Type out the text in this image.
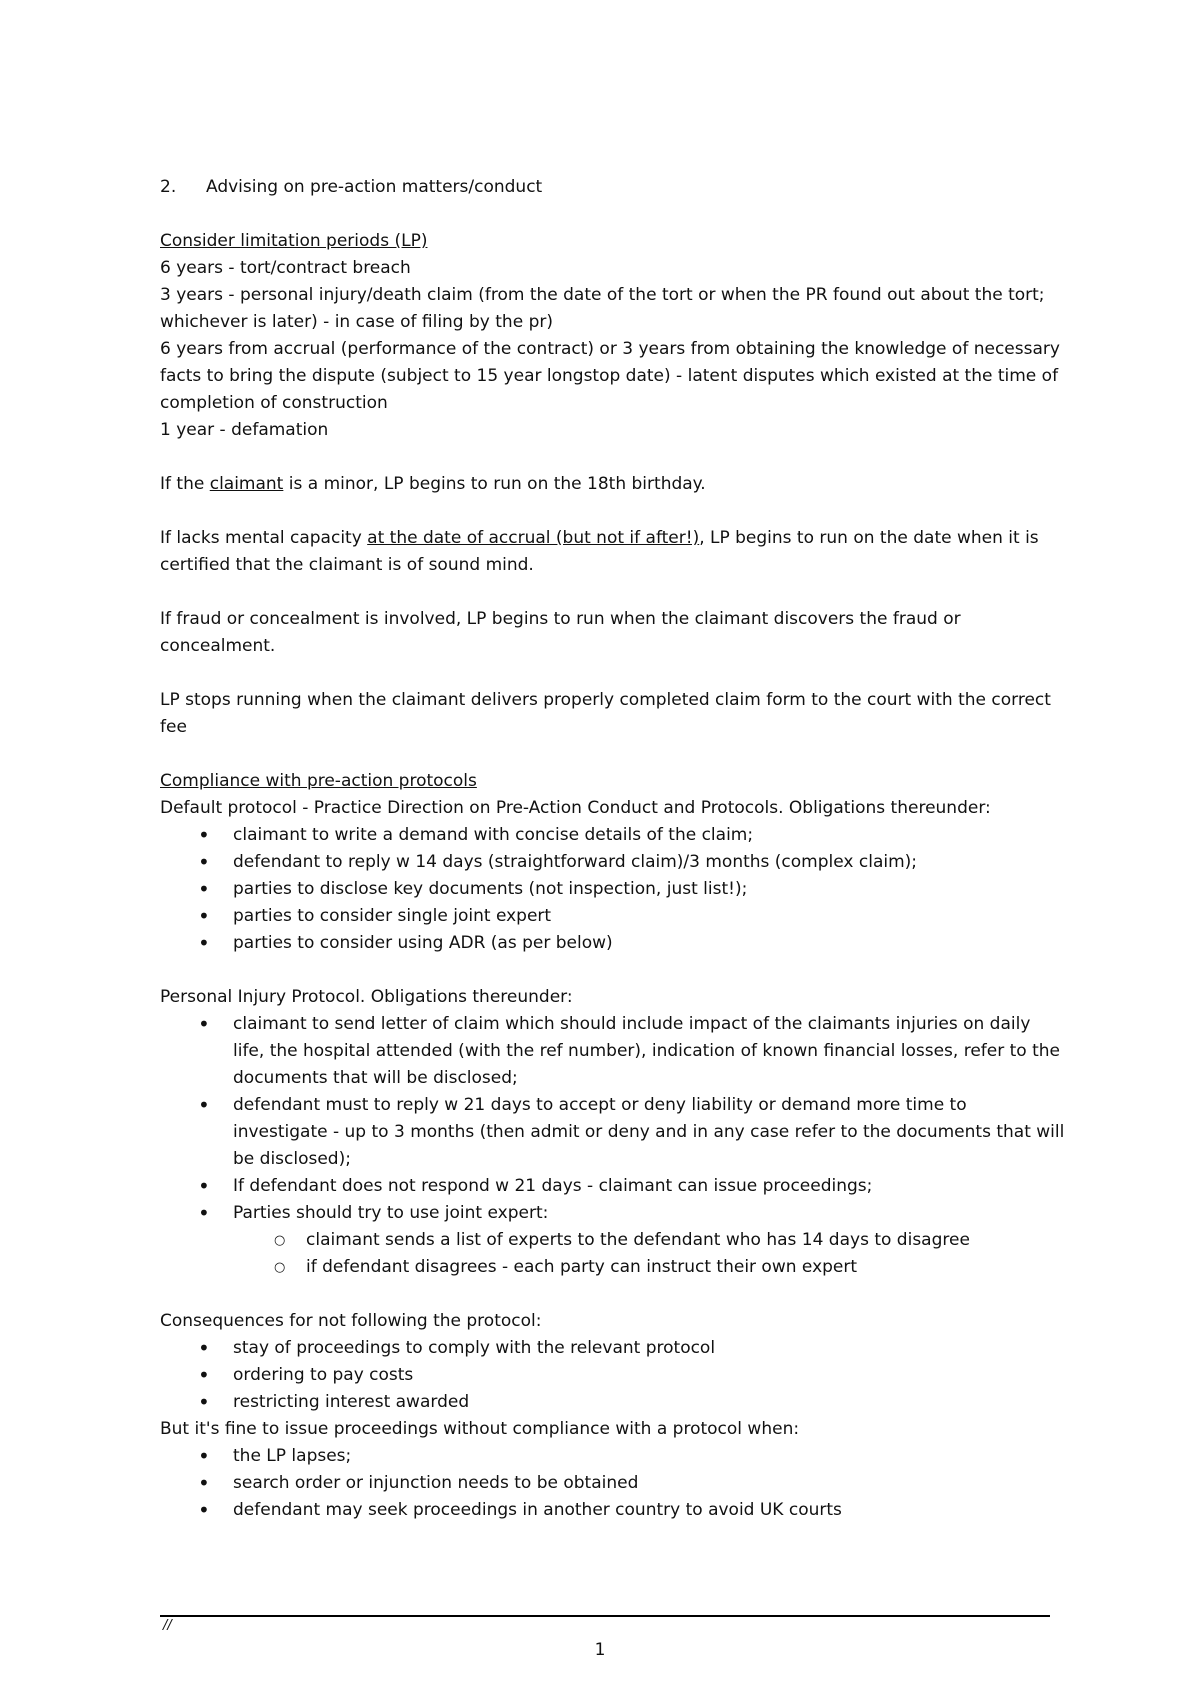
2. Advising on pre-action matters/conduct

Consider limitation periods (LP)

6 years - tort/contract breach

3 years - personal injury/death claim (from the date of the tort or when the PR found out about the tort; whichever is later) - in case of filing by the pr)

6 years from accrual (performance of the contract) or 3 years from obtaining the knowledge of necessary facts to bring the dispute (subject to 15 year longstop date) - latent disputes which existed at the time of completion of construction

1 year - defamation

If the claimant is a minor, LP begins to run on the 18th birthday.

If lacks mental capacity at the date of accrual (but not if after!), LP begins to run on the date when it is certified that the claimant is of sound mind.

If fraud or concealment is involved, LP begins to run when the claimant discovers the fraud or concealment.

LP stops running when the claimant delivers properly completed claim form to the court with the correct fee

Compliance with pre-action protocols

Default protocol - Practice Direction on Pre-Action Conduct and Protocols. Obligations thereunder:

• claimant to write a demand with concise details of the claim;
• defendant to reply w 14 days (straightforward claim)/3 months (complex claim);
• parties to disclose key documents (not inspection, just list!);
• parties to consider single joint expert
• parties to consider using ADR (as per below)

Personal Injury Protocol. Obligations thereunder:

• claimant to send letter of claim which should include impact of the claimants injuries on daily life, the hospital attended (with the ref number), indication of known financial losses, refer to the documents that will be disclosed;
• defendant must to reply w 21 days to accept or deny liability or demand more time to investigate - up to 3 months (then admit or deny and in any case refer to the documents that will be disclosed);
• If defendant does not respond w 21 days - claimant can issue proceedings;
• Parties should try to use joint expert:
○ claimant sends a list of experts to the defendant who has 14 days to disagree
○ if defendant disagrees - each party can instruct their own expert

Consequences for not following the protocol:

• stay of proceedings to comply with the relevant protocol
• ordering to pay costs
• restricting interest awarded

But it's fine to issue proceedings without compliance with a protocol when:

• the LP lapses;
• search order or injunction needs to be obtained
• defendant may seek proceedings in another country to avoid UK courts
//
1
